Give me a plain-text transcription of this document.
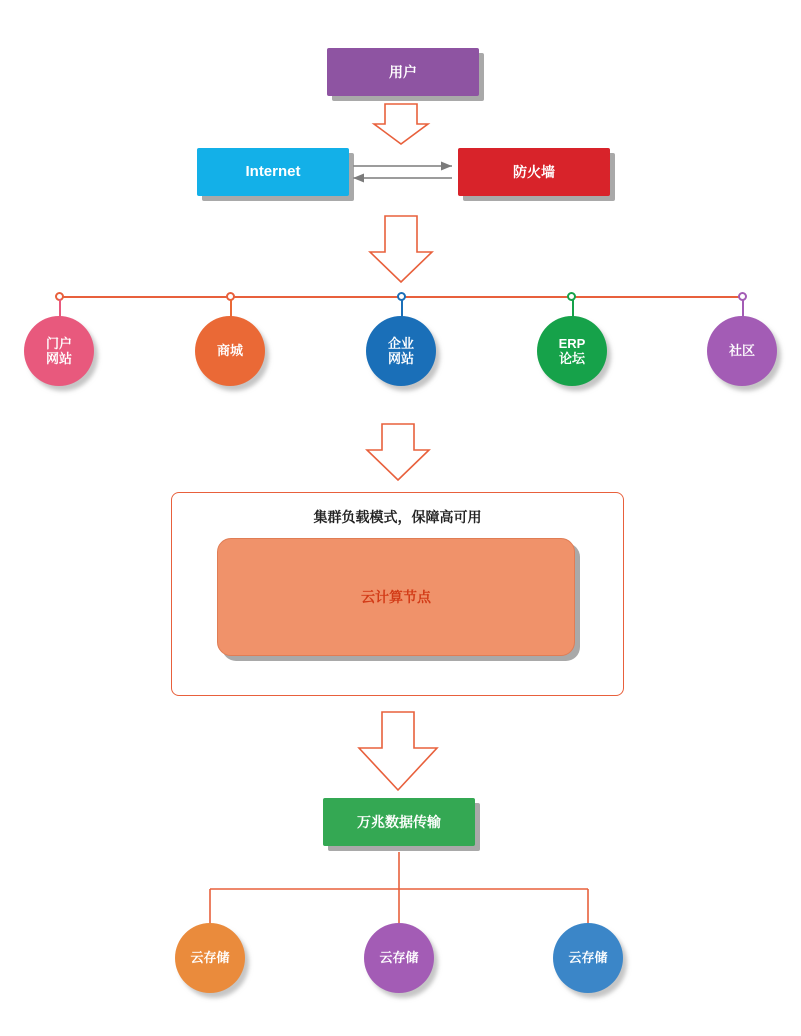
用户
Internet	防火墙
门户
网站
商城
企业
网站
ERP
论坛
社区
集群负载模式，保障高可用
云计算节点
万兆数据传输
云存储	云存储	云存储
